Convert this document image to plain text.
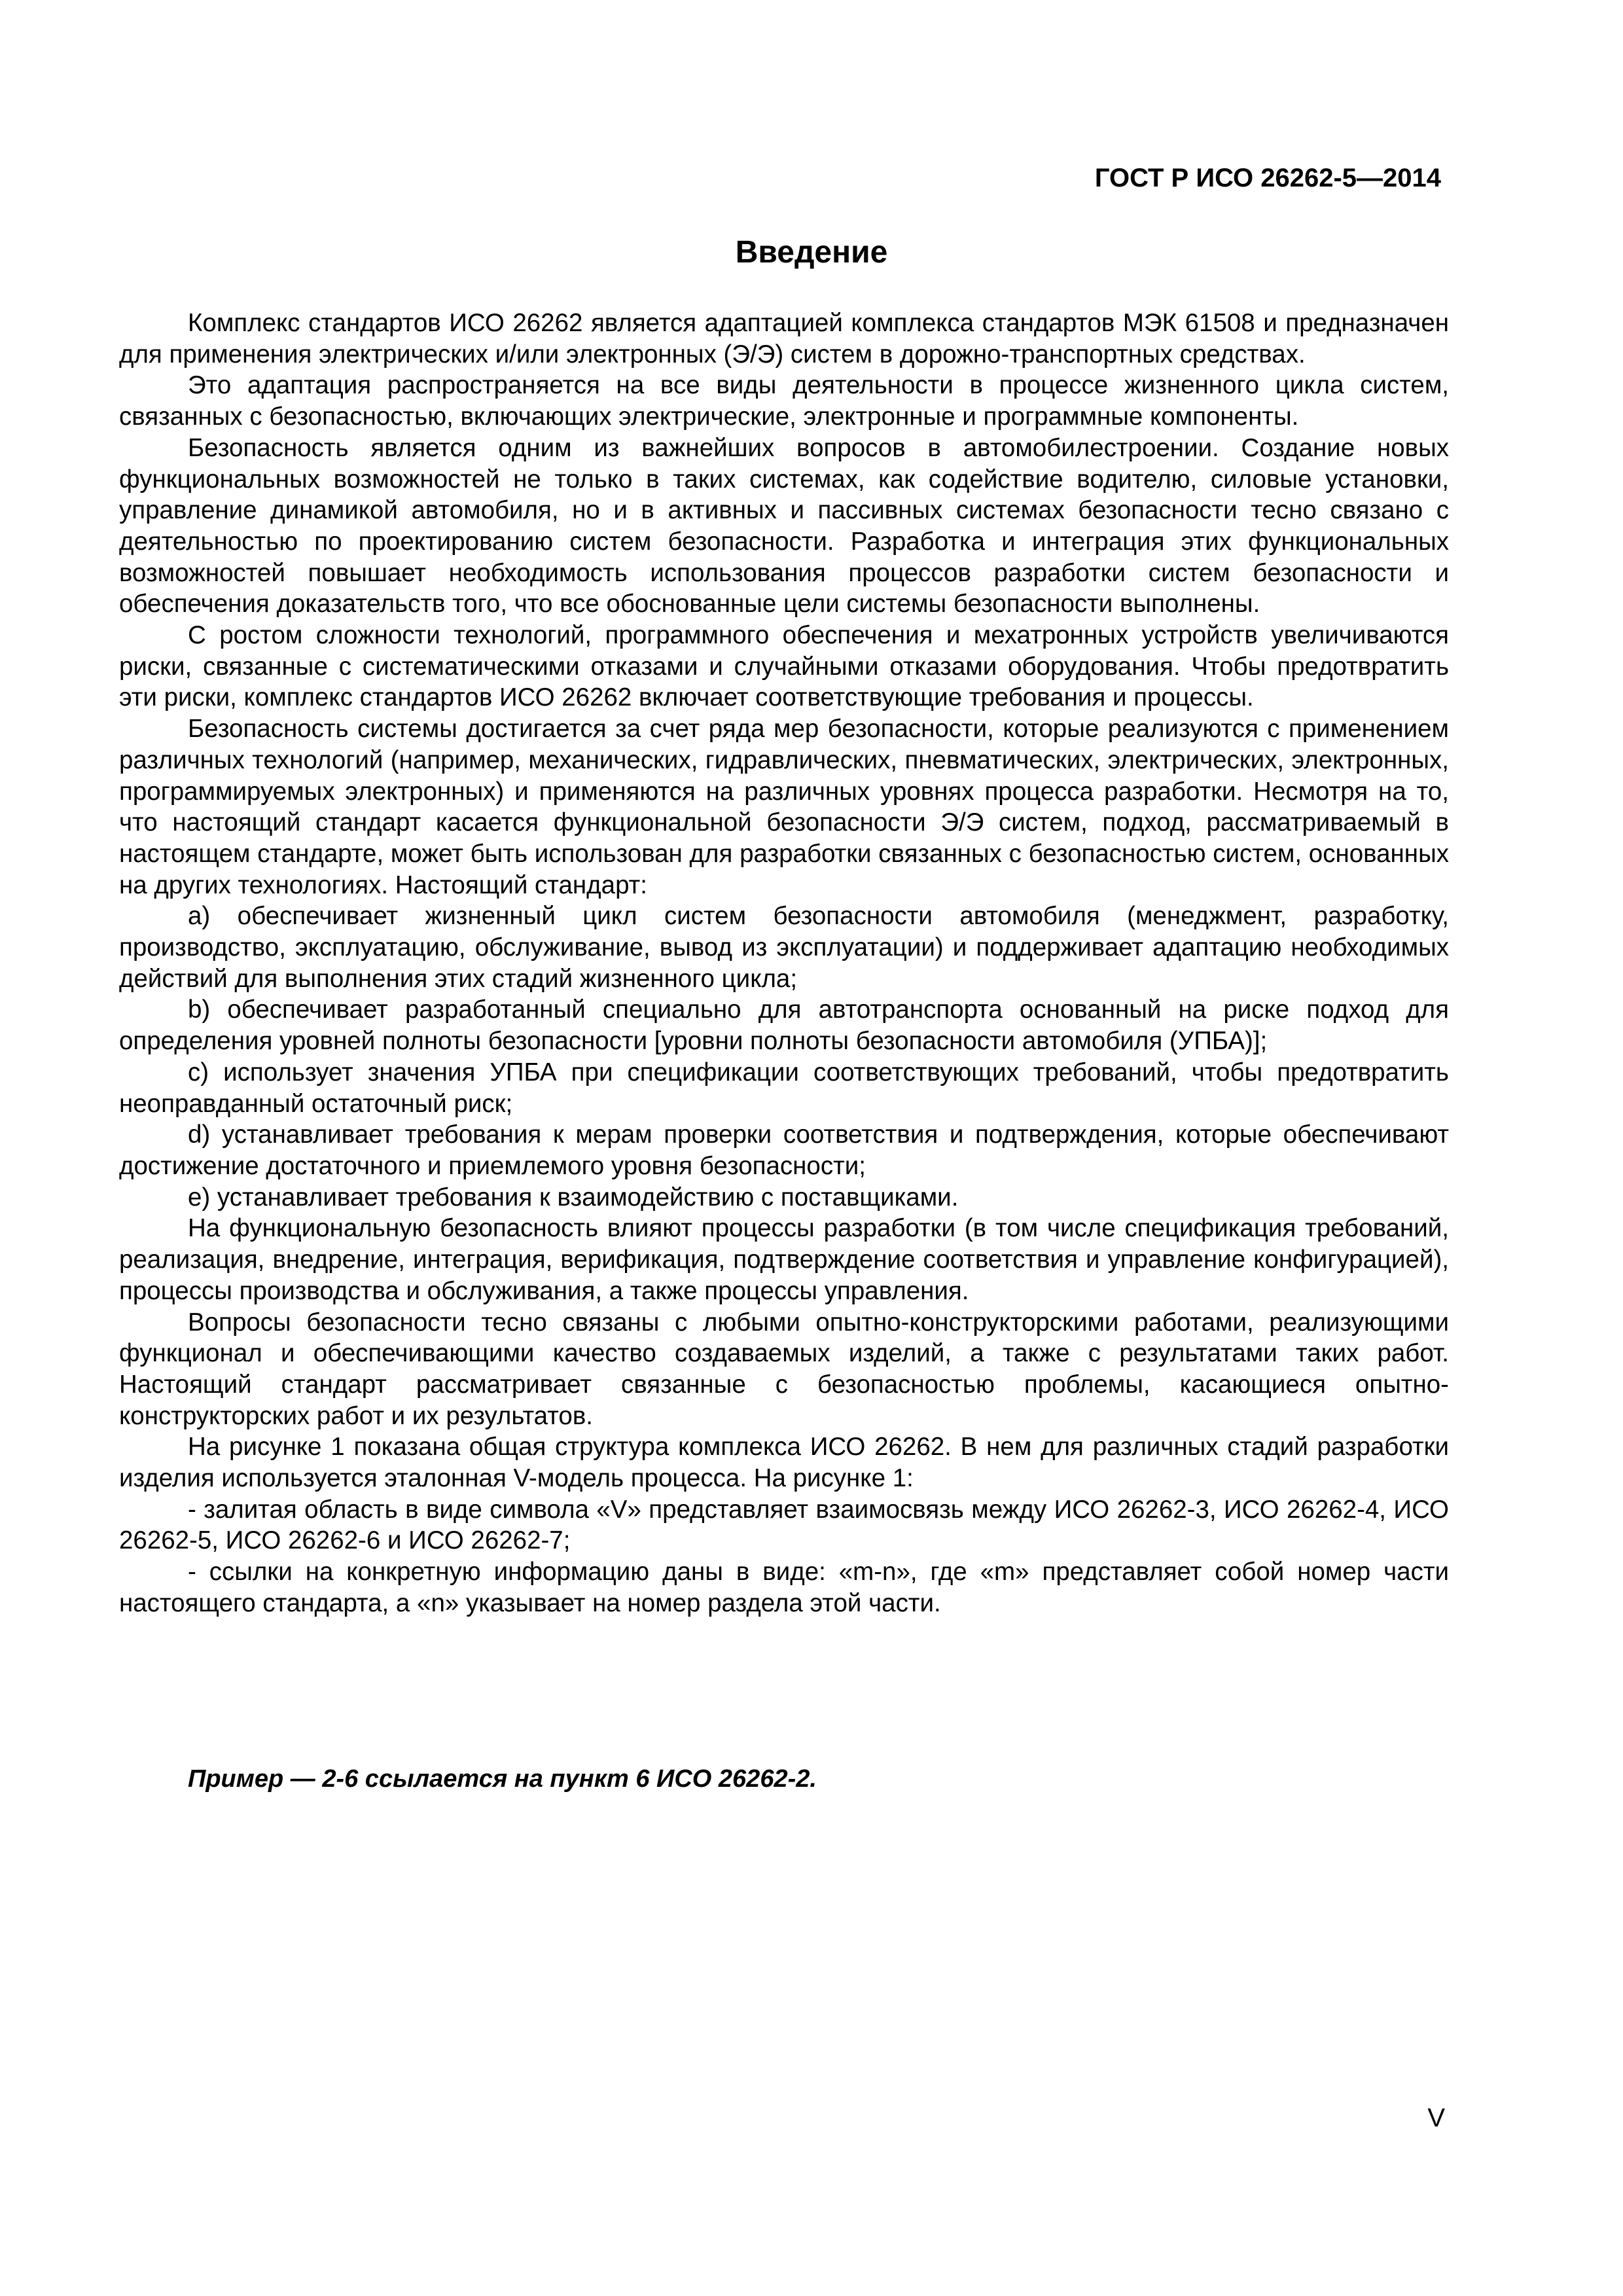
ГОСТ Р ИСО 26262-5—2014
Введение

Комплекс стандартов ИСО 26262 является адаптацией комплекса стандартов МЭК 61508 и предназначен для применения электрических и/или электронных (Э/Э) систем в дорожно-транспортных средствах.

Это адаптация распространяется на все виды деятельности в процессе жизненного цикла систем, связанных с безопасностью, включающих электрические, электронные и программные компоненты.

Безопасность является одним из важнейших вопросов в автомобилестроении. Создание новых функциональных возможностей не только в таких системах, как содействие водителю, силовые установки, управление динамикой автомобиля, но и в активных и пассивных системах безопасности тесно связано с деятельностью по проектированию систем безопасности. Разработка и интеграция этих функциональных возможностей повышает необходимость использования процессов разработки систем безопасности и обеспечения доказательств того, что все обоснованные цели системы безопасности выполнены.

С ростом сложности технологий, программного обеспечения и мехатронных устройств увеличиваются риски, связанные с систематическими отказами и случайными отказами оборудования. Чтобы предотвратить эти риски, комплекс стандартов ИСО 26262 включает соответствующие требования и процессы.

Безопасность системы достигается за счет ряда мер безопасности, которые реализуются с применением различных технологий (например, механических, гидравлических, пневматических, электрических, электронных, программируемых электронных) и применяются на различных уровнях процесса разработки. Несмотря на то, что настоящий стандарт касается функциональной безопасности Э/Э систем, подход, рассматриваемый в настоящем стандарте, может быть использован для разработки связанных с безопасностью систем, основанных на других технологиях. Настоящий стандарт:

a) обеспечивает жизненный цикл систем безопасности автомобиля (менеджмент, разработку, производство, эксплуатацию, обслуживание, вывод из эксплуатации) и поддерживает адаптацию необходимых действий для выполнения этих стадий жизненного цикла;

b) обеспечивает разработанный специально для автотранспорта основанный на риске подход для определения уровней полноты безопасности [уровни полноты безопасности автомобиля (УПБА)];

c) использует значения УПБА при спецификации соответствующих требований, чтобы предотвратить неоправданный остаточный риск;

d) устанавливает требования к мерам проверки соответствия и подтверждения, которые обеспечивают достижение достаточного и приемлемого уровня безопасности;

e) устанавливает требования к взаимодействию с поставщиками.

На функциональную безопасность влияют процессы разработки (в том числе спецификация требований, реализация, внедрение, интеграция, верификация, подтверждение соответствия и управление конфигурацией), процессы производства и обслуживания, а также процессы управления.

Вопросы безопасности тесно связаны с любыми опытно-конструкторскими работами, реализующими функционал и обеспечивающими качество создаваемых изделий, а также с результатами таких работ. Настоящий стандарт рассматривает связанные с безопасностью проблемы, касающиеся опытно-конструкторских работ и их результатов.

На рисунке 1 показана общая структура комплекса ИСО 26262. В нем для различных стадий разработки изделия используется эталонная V-модель процесса. На рисунке 1:

- залитая область в виде символа «V» представляет взаимосвязь между ИСО 26262-3, ИСО 26262-4, ИСО 26262-5, ИСО 26262-6 и ИСО 26262-7;

- ссылки на конкретную информацию даны в виде: «m-n», где «m» представляет собой номер части настоящего стандарта, а «n» указывает на номер раздела этой части.

Пример — 2-6 ссылается на пункт 6 ИСО 26262-2.
V
